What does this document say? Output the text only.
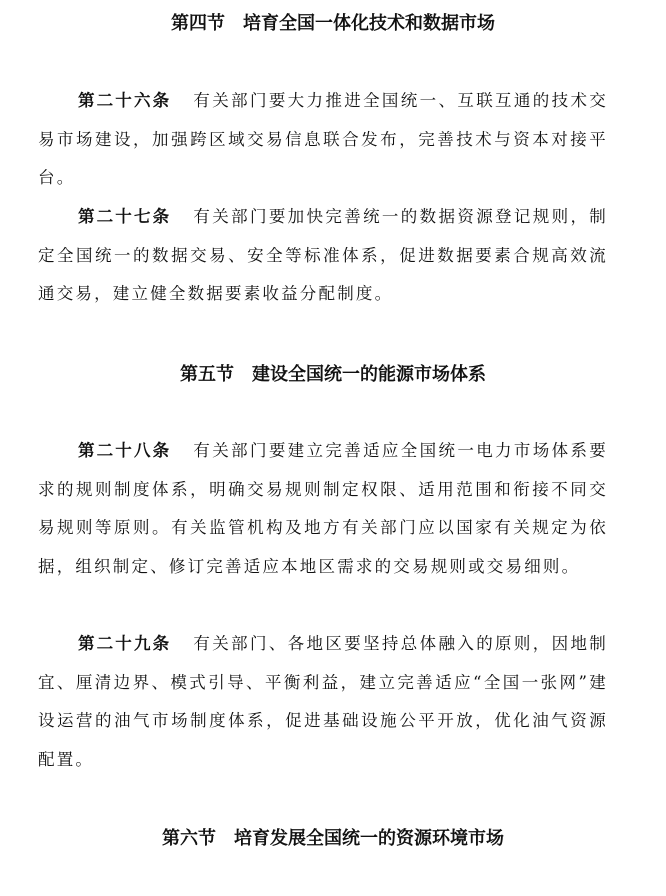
第四节　培育全国一体化技术和数据市场

第二十六条 有关部门要大力推进全国统一、互联互通的技术交易市场建设，加强跨区域交易信息联合发布，完善技术与资本对接平台。

第二十七条 有关部门要加快完善统一的数据资源登记规则，制定全国统一的数据交易、安全等标准体系，促进数据要素合规高效流通交易，建立健全数据要素收益分配制度。

第五节　建设全国统一的能源市场体系

第二十八条 有关部门要建立完善适应全国统一电力市场体系要求的规则制度体系，明确交易规则制定权限、适用范围和衔接不同交易规则等原则。有关监管机构及地方有关部门应以国家有关规定为依据，组织制定、修订完善适应本地区需求的交易规则或交易细则。

第二十九条 有关部门、各地区要坚持总体融入的原则，因地制宜、厘清边界、模式引导、平衡利益，建立完善适应“全国一张网”建设运营的油气市场制度体系，促进基础设施公平开放，优化油气资源配置。

第六节　培育发展全国统一的资源环境市场
